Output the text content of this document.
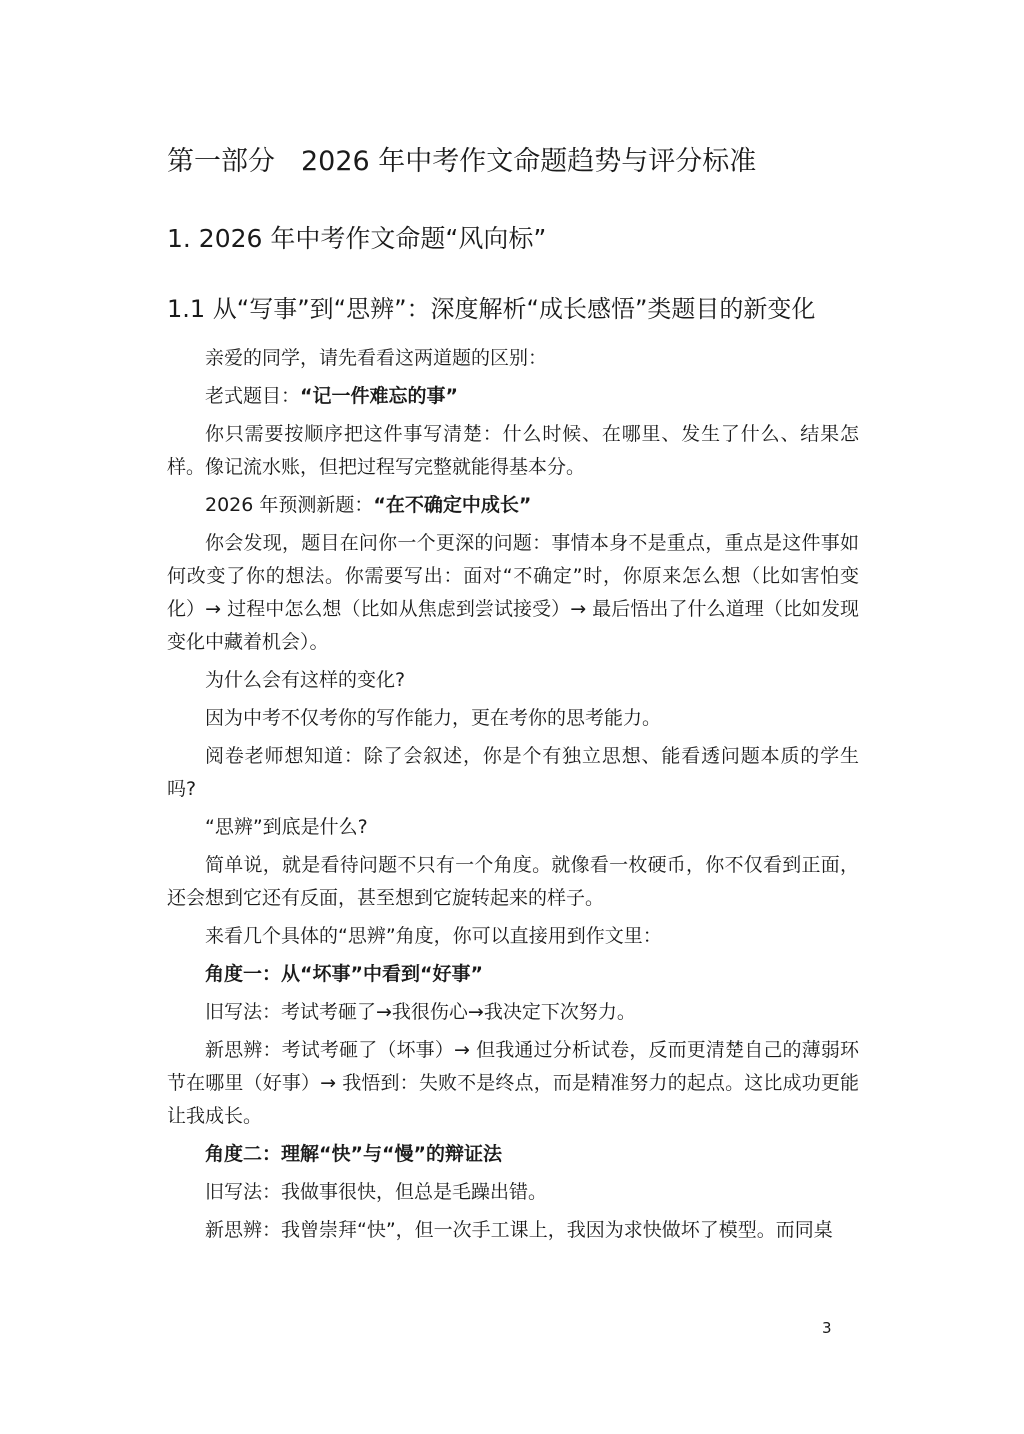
第一部分 2026 年中考作文命题趋势与评分标准
1. 2026 年中考作文命题“风向标”
1.1 从“写事”到“思辨”：深度解析“成长感悟”类题目的新变化

亲爱的同学，请先看看这两道题的区别：

老式题目：“记一件难忘的事”

你只需要按顺序把这件事写清楚：什么时候、在哪里、发生了什么、结果怎样。像记流水账，但把过程写完整就能得基本分。

2026 年预测新题：“在不确定中成长”

你会发现，题目在问你一个更深的问题：事情本身不是重点，重点是这件事如何改变了你的想法。你需要写出：面对“不确定”时，你原来怎么想（比如害怕变化）→ 过程中怎么想（比如从焦虑到尝试接受）→ 最后悟出了什么道理（比如发现变化中藏着机会）。

为什么会有这样的变化?

因为中考不仅考你的写作能力，更在考你的思考能力。

阅卷老师想知道：除了会叙述，你是个有独立思想、能看透问题本质的学生吗?

“思辨”到底是什么?

简单说，就是看待问题不只有一个角度。就像看一枚硬币，你不仅看到正面，还会想到它还有反面，甚至想到它旋转起来的样子。

来看几个具体的“思辨”角度，你可以直接用到作文里：

角度一：从“坏事”中看到“好事”

旧写法：考试考砸了→我很伤心→我决定下次努力。

新思辨：考试考砸了（坏事）→ 但我通过分析试卷，反而更清楚自己的薄弱环节在哪里（好事）→ 我悟到：失败不是终点，而是精准努力的起点。这比成功更能让我成长。

角度二：理解“快”与“慢”的辩证法

旧写法：我做事很快，但总是毛躁出错。

新思辨：我曾崇拜“快”，但一次手工课上，我因为求快做坏了模型。而同桌

3
